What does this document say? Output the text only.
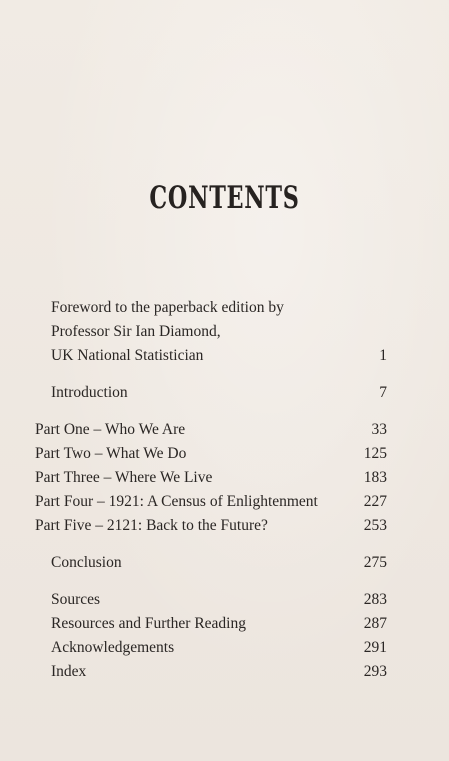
CONTENTS
Foreword to the paperback edition by
Professor Sir Ian Diamond,
UK National Statistician	1
Introduction	7
Part One – Who We Are	33
Part Two – What We Do	125
Part Three – Where We Live	183
Part Four – 1921: A Census of Enlightenment	227
Part Five – 2121: Back to the Future?	253
Conclusion	275
Sources	283
Resources and Further Reading	287
Acknowledgements	291
Index	293
